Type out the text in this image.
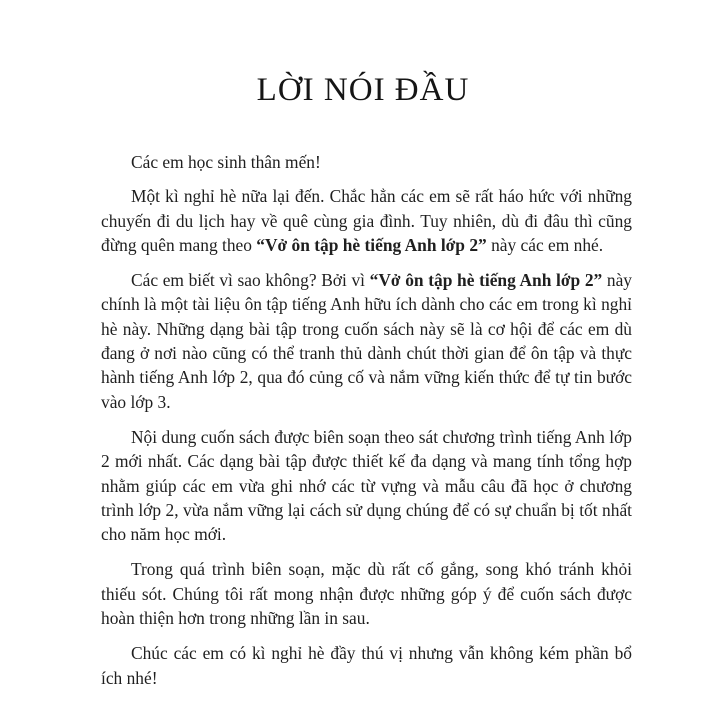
LỜI NÓI ĐẦU

Các em học sinh thân mến!

Một kì nghỉ hè nữa lại đến. Chắc hẳn các em sẽ rất háo hức với những chuyến đi du lịch hay về quê cùng gia đình. Tuy nhiên, dù đi đâu thì cũng đừng quên mang theo “Vở ôn tập hè tiếng Anh lớp 2” này các em nhé.

Các em biết vì sao không? Bởi vì “Vở ôn tập hè tiếng Anh lớp 2” này chính là một tài liệu ôn tập tiếng Anh hữu ích dành cho các em trong kì nghỉ hè này. Những dạng bài tập trong cuốn sách này sẽ là cơ hội để các em dù đang ở nơi nào cũng có thể tranh thủ dành chút thời gian để ôn tập và thực hành tiếng Anh lớp 2, qua đó củng cố và nắm vững kiến thức để tự tin bước vào lớp 3.

Nội dung cuốn sách được biên soạn theo sát chương trình tiếng Anh lớp 2 mới nhất. Các dạng bài tập được thiết kế đa dạng và mang tính tổng hợp nhằm giúp các em vừa ghi nhớ các từ vựng và mẫu câu đã học ở chương trình lớp 2, vừa nắm vững lại cách sử dụng chúng để có sự chuẩn bị tốt nhất cho năm học mới.

Trong quá trình biên soạn, mặc dù rất cố gắng, song khó tránh khỏi thiếu sót. Chúng tôi rất mong nhận được những góp ý để cuốn sách được hoàn thiện hơn trong những lần in sau.

Chúc các em có kì nghỉ hè đầy thú vị nhưng vẫn không kém phần bổ ích nhé!
